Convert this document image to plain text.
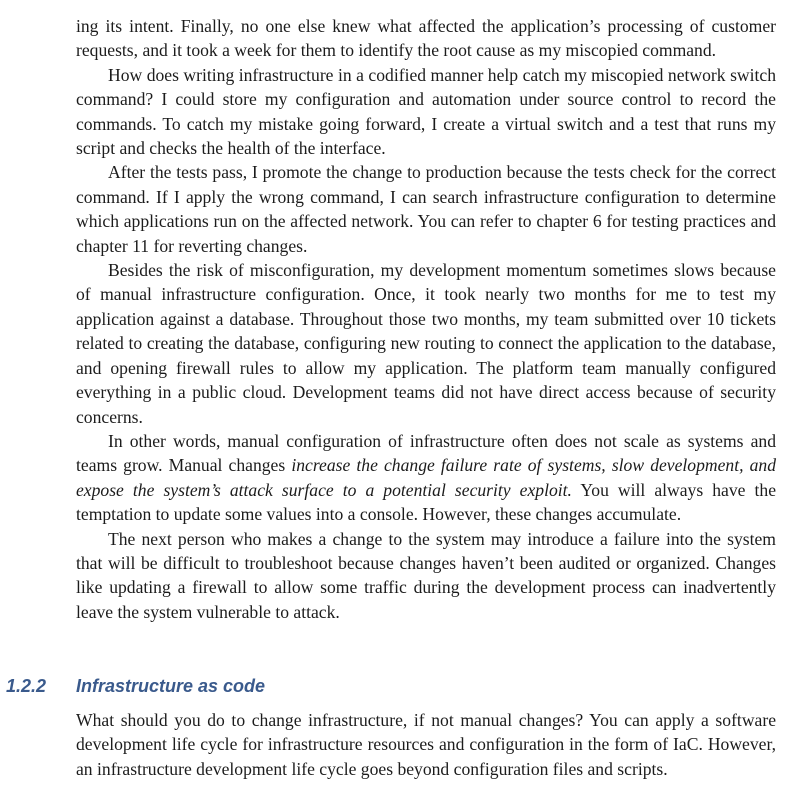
ing its intent. Finally, no one else knew what affected the application’s processing of customer requests, and it took a week for them to identify the root cause as my miscopied command.

How does writing infrastructure in a codified manner help catch my miscopied network switch command? I could store my configuration and automation under source control to record the commands. To catch my mistake going forward, I create a virtual switch and a test that runs my script and checks the health of the interface.

After the tests pass, I promote the change to production because the tests check for the correct command. If I apply the wrong command, I can search infrastructure configuration to determine which applications run on the affected network. You can refer to chapter 6 for testing practices and chapter 11 for reverting changes.

Besides the risk of misconfiguration, my development momentum sometimes slows because of manual infrastructure configuration. Once, it took nearly two months for me to test my application against a database. Throughout those two months, my team submitted over 10 tickets related to creating the database, configuring new routing to connect the application to the database, and opening firewall rules to allow my application. The platform team manually configured everything in a public cloud. Development teams did not have direct access because of security concerns.

In other words, manual configuration of infrastructure often does not scale as systems and teams grow. Manual changes increase the change failure rate of systems, slow development, and expose the system’s attack surface to a potential security exploit. You will always have the temptation to update some values into a console. However, these changes accumulate.

The next person who makes a change to the system may introduce a failure into the system that will be difficult to troubleshoot because changes haven’t been audited or organized. Changes like updating a firewall to allow some traffic during the development process can inadvertently leave the system vulnerable to attack.

1.2.2 Infrastructure as code

What should you do to change infrastructure, if not manual changes? You can apply a software development life cycle for infrastructure resources and configuration in the form of IaC. However, an infrastructure development life cycle goes beyond configuration files and scripts.
